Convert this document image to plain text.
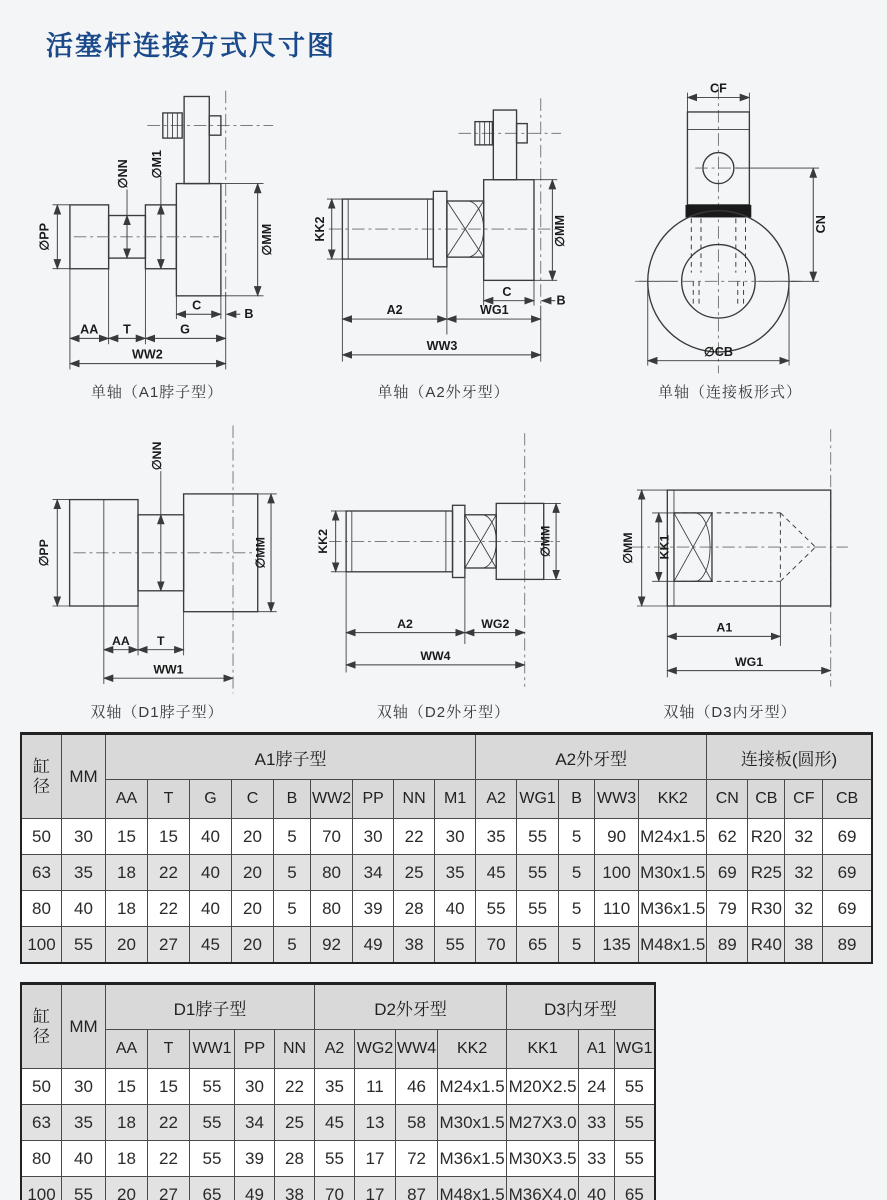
活塞杆连接方式尺寸图
∅PP
∅NN ∅M1
∅MM
C
B
AA T	G
WW2
单轴（A1脖子型）
KK2	∅MM
C
B
A2	WG1
WW3
单轴（A2外牙型）
CF
CN
∅CB
单轴（连接板形式）
∅NN
∅PP	∅MM
AA T
WW1
双轴（D1脖子型）
KK2	∅MM
A2	WG2
WW4
双轴（D2外牙型）
∅MM KK1
A1
WG1
双轴（D3内牙型）
缸径	MM	A1脖子型									A2外牙型					连接板(圆形)			
		AA	T	G	C	B	WW2	PP	NN	M1	A2	WG1	B	WW3	KK2	CN	CB	CF	CB
50	30	15	15	40	20	5	70	30	22	30	35	55	5	90	M24x1.5	62	R20	32	69
63	35	18	22	40	20	5	80	34	25	35	45	55	5	100	M30x1.5	69	R25	32	69
80	40	18	22	40	20	5	80	39	28	40	55	55	5	110	M36x1.5	79	R30	32	69
100	55	20	27	45	20	5	92	49	38	55	70	65	5	135	M48x1.5	89	R40	38	89
缸径	MM	D1脖子型					D2外牙型				D3内牙型		
		AA	T	WW1	PP	NN	A2	WG2	WW4	KK2	KK1	A1	WG1
50	30	15	15	55	30	22	35	11	46	M24x1.5	M20X2.5	24	55
63	35	18	22	55	34	25	45	13	58	M30x1.5	M27X3.0	33	55
80	40	18	22	55	39	28	55	17	72	M36x1.5	M30X3.5	33	55
100	55	20	27	65	49	38	70	17	87	M48x1.5	M36X4.0	40	65
